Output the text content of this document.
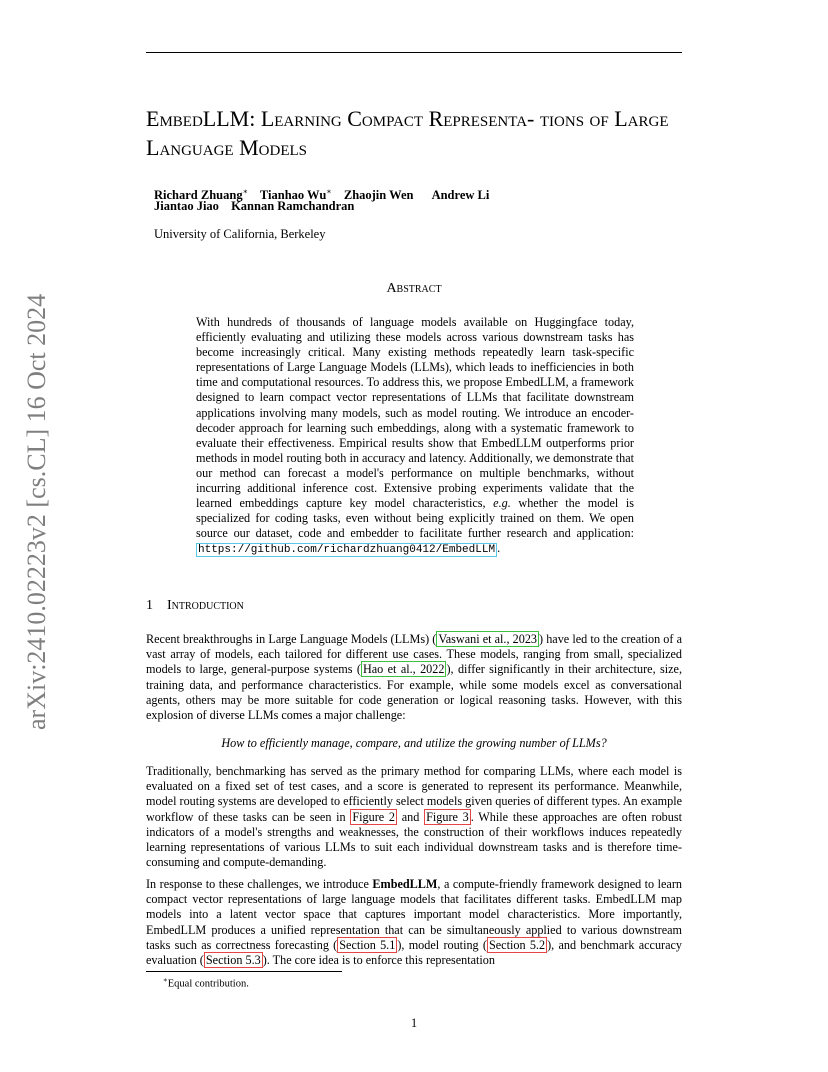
EmbedLLM: Learning Compact Representa- tions of Large Language Models
Richard Zhuang∗ Tianhao Wu∗ Zhaojin Wen Andrew Li
Jiantao Jiao Kannan Ramchandran
University of California, Berkeley
Abstract

With hundreds of thousands of language models available on Huggingface today, efficiently evaluating and utilizing these models across various downstream tasks has become increasingly critical. Many existing methods repeatedly learn task-specific representations of Large Language Models (LLMs), which leads to inefficiencies in both time and computational resources. To address this, we propose EmbedLLM, a framework designed to learn compact vector representations of LLMs that facilitate downstream applications involving many models, such as model routing. We introduce an encoder-decoder approach for learning such embeddings, along with a systematic framework to evaluate their effectiveness. Empirical results show that EmbedLLM outperforms prior methods in model routing both in accuracy and latency. Additionally, we demonstrate that our method can forecast a model's performance on multiple benchmarks, without incurring additional inference cost. Extensive probing experiments validate that the learned embeddings capture key model characteristics, e.g. whether the model is specialized for coding tasks, even without being explicitly trained on them. We open source our dataset, code and embedder to facilitate further research and application: https://github.com/richardzhuang0412/EmbedLLM .

arXiv:2410.02223v2 [cs.CL] 16 Oct 2024	1 Introduction

Recent breakthroughs in Large Language Models (LLMs) ( Vaswani et al., 2023 ) have led to the creation of a vast array of models, each tailored for different use cases. These models, ranging from small, specialized models to large, general-purpose systems ( Hao et al., 2022 ), differ significantly in their architecture, size, training data, and performance characteristics. For example, while some models excel as conversational agents, others may be more suitable for code generation or logical reasoning tasks. However, with this explosion of diverse LLMs comes a major challenge:

How to efficiently manage, compare, and utilize the growing number of LLMs?

Traditionally, benchmarking has served as the primary method for comparing LLMs, where each model is evaluated on a fixed set of test cases, and a score is generated to represent its performance. Meanwhile, model routing systems are developed to efficiently select models given queries of different types. An example workflow of these tasks can be seen in Figure 2 and Figure 3 . While these approaches are often robust indicators of a model's strengths and weaknesses, the construction of their workflows induces repeatedly learning representations of various LLMs to suit each individual downstream tasks and is therefore time-consuming and compute-demanding.

In response to these challenges, we introduce EmbedLLM, a compute-friendly framework designed to learn compact vector representations of large language models that facilitates different tasks. EmbedLLM map models into a latent vector space that captures important model characteristics. More importantly, EmbedLLM produces a unified representation that can be simultaneously applied to various downstream tasks such as correctness forecasting ( Section 5.1 ), model routing ( Section 5.2 ), and benchmark accuracy evaluation ( Section 5.3 ). The core idea is to enforce this representation

∗Equal contribution.
1
